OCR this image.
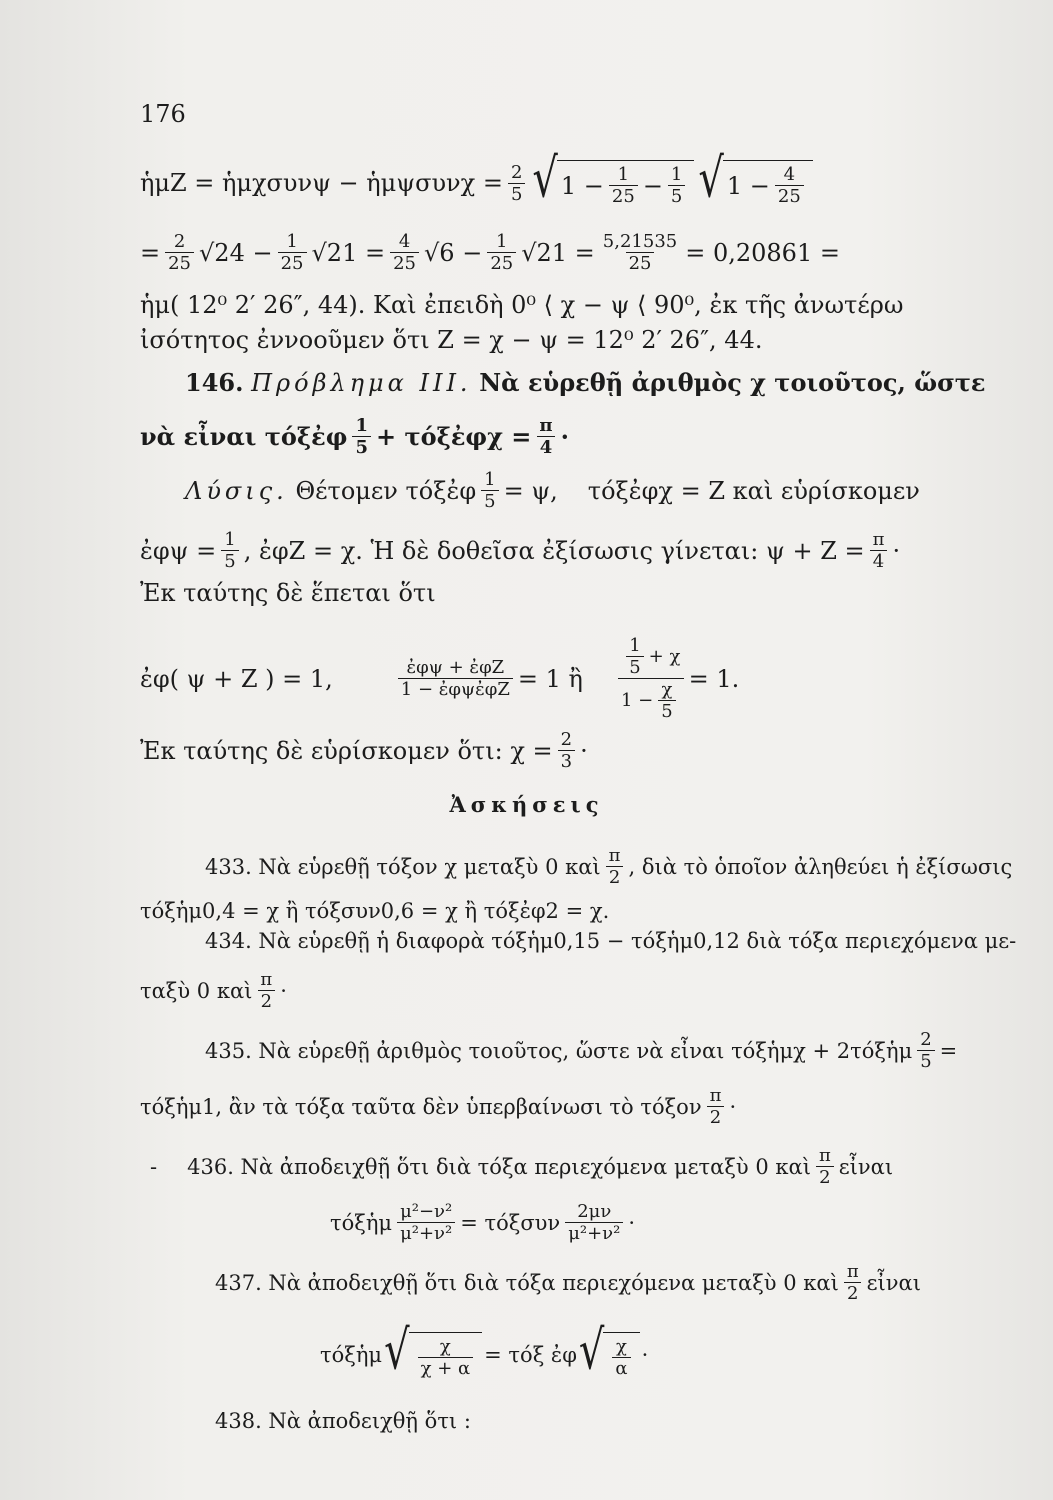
176
ἡμZ = ἡμχσυνψ − ἡμψσυνχ = $\frac{2}{5}$ √ $1 - \frac{1}{25} - \frac{1}{5}$ √ $1 - \frac{4}{25}$
= $\frac{2}{25} √24$
− $\frac{1}{25} √21 = \frac{4}{25} √6$
− $\frac{1}{25} √21 = \frac{5,21535}{25} = 0,20861$ =
ἡμ( 12⁰ 2′ 26″, 44). Καὶ ἐπειδὴ 0⁰ ⟨ χ − ψ ⟨ 90⁰, ἐκ τῆς ἀνωτέρω
ἰσότητος ἐννοοῦμεν ὅτι Z = χ − ψ = 12⁰ 2′ 26″, 44.
146.
Πρόβλημα III.
Νὰ εὑρεθῇ ἀριθμὸς χ τοιοῦτος, ὥστε
νὰ εἶναι τόξἐφ $\frac{1}{5}$ + τόξἐφχ = $\frac{\pi}{4}$ ·
Λύσις.
Θέτομεν τόξἐφ $\frac{1}{5} = \psi$, τόξἐφχ = Z καὶ εὑρίσκομεν
ἐφψ = $\frac{1}{5}$ , ἐφZ = χ. Ἡ δὲ δοθεῖσα ἐξίσωσις γίνεται: $\psi + Z = \frac{\pi}{4}$ ·
Ἐκ ταύτης δὲ ἕπεται ὅτι
ἐφ( ψ + Z ) = 1,	$\frac{\text{ἐφψ + ἐφZ}}{\text{1 − ἐφψἐφZ}} = 1$ ἢ $\frac{\frac{1}{5} + \chi}{1 - \frac{\chi}{5}} = 1$.
Ἐκ ταύτης δὲ εὑρίσκομεν ὅτι: $\chi = \frac{2}{3}$ ·
Ἀσκήσεις
433. Νὰ εὑρεθῇ τόξον χ μεταξὺ 0 καὶ $\frac{\pi}{2}$ , διὰ τὸ ὁποῖον ἀληθεύει ἡ ἐξίσωσις
τόξἡμ0,4 = χ ἢ τόξσυν0,6 = χ ἢ τόξἐφ2 = χ.
434. Νὰ εὑρεθῇ ἡ διαφορὰ τόξἡμ0,15 − τόξἡμ0,12 διὰ τόξα περιεχόμενα με-
ταξὺ 0 καὶ $\frac{\pi}{2}$ ·
435. Νὰ εὑρεθῇ ἀριθμὸς τοιοῦτος, ὥστε νὰ εἶναι τόξἡμχ + 2τόξἡμ $\frac{2}{5}$ =
τόξἡμ1, ἂν τὰ τόξα ταῦτα δὲν ὑπερβαίνωσι τὸ τόξον $\frac{\pi}{2}$ ·
- 436. Νὰ ἀποδειχθῇ ὅτι διὰ τόξα περιεχόμενα μεταξὺ 0 καὶ $\frac{\pi}{2}$ εἶναι
τόξἡμ $\frac{\text{μ²−ν²}}{\text{μ²+ν²}} = \tau ό\xi\sigma\upsilon\nu \frac{2\mu\nu}{\text{μ²+ν²}}$ ·
437. Νὰ ἀποδειχθῇ ὅτι διὰ τόξα περιεχόμενα μεταξὺ 0 καὶ $\frac{\pi}{2}$ εἶναι
τόξἡμ √ $\frac{\chi}{\chi + \alpha} = \tau ό\xi$ ἐφ √ $\frac{\chi}{\alpha}$ ·
438. Νὰ ἀποδειχθῇ ὅτι :
